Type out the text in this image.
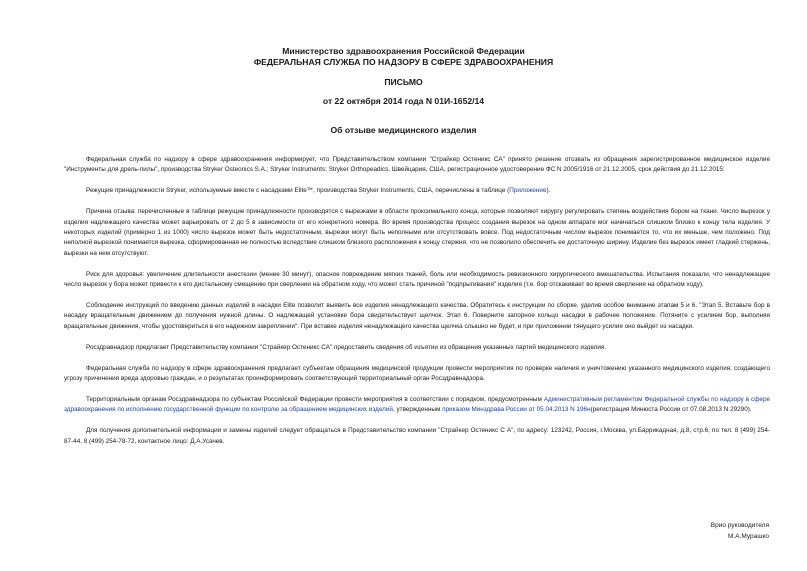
Министерство здравоохранения Российской Федерации
ФЕДЕРАЛЬНАЯ СЛУЖБА ПО НАДЗОРУ В СФЕРЕ ЗДРАВООХРАНЕНИЯ
ПИСЬМО
от 22 октября 2014 года N 01И-1652/14
Об отзыве медицинского изделия

Федеральная служба по надзору в сфере здравоохранения информирует, что Представительством компании "Страйкер Остеникс СА" принято решение отозвать из обращения зарегистрированное медицинское изделие "Инструменты для дрель-пилы", производства Stryker Osteonics S.A.; Stryker Instruments; Stryker Orthopeadics, Швейцария, США, регистрационное удостоверение ФС N 2005/1916 от 21.12.2005, срок действия до 21.12.2015:

Режущие принадлежности Stryker, используемые вместе с насадками Elite™, производства Stryker Instruments, США, перечислены в таблице (Приложение).

Причина отзыва: перечисленные в таблице режущие принадлежности производятся с вырезками в области проксимального конца, которые позволяют хирургу регулировать степень воздействия бором на ткани. Число вырезок у изделия надлежащего качества может варьировать от 2 до 5 в зависимости от его конкретного номера. Во время производства процесс создания вырезок на одном аппарате мог начинаться слишком близко к концу тела изделия. У некоторых изделий (примерно 1 из 1000) число вырезок может быть недостаточным, вырезки могут быть неполными или отсутствовать вовсе. Под недостаточным числом вырезок понимается то, что их меньше, чем положено. Под неполной вырезкой понимается вырезка, сформированная не полностью вследствие слишком близкого расположения к концу стержня, что не позволило обеспечить ее достаточную ширину. Изделие без вырезок имеет гладкий стержень, вырезки на нем отсутствуют.

Риск для здоровья: увеличение длительности анестезии (менее 30 минут), опасное повреждение мягких тканей, боль или необходимость ревизионного хирургического вмешательства. Испытания показали, что ненадлежащее число вырезок у бора может привести к его дистальному смещению при сверлении на обратном ходу, что может стать причиной "подпрыгивания" изделия (т.е. бор отскакивает во время сверления на обратном ходу).

Соблюдение инструкций по введению данных изделий в насадки Elite позволит выявить все изделия ненадлежащего качества. Обратитесь к инструкции по сборке, уделив особое внимание этапам 5 и 6. "Этап 5. Вставьте бор в насадку вращательным движением до получения нужной длины. О надлежащей установке бора свидетельствует щелчок. Этап 6. Поверните запорное кольцо насадки в рабочее положение. Потяните с усилием бор, выполняя вращательные движения, чтобы удостовериться в его надежном закреплении". При вставке изделия ненадлежащего качества щелчка слышно не будет, и при приложении тянущего усилия оно выйдет из насадки.

Росздравнадзор предлагает Представительству компании "Страйкер Остеникс СА" предоставить сведения об изъятии из обращения указанных партий медицинского изделия.

Федеральная служба по надзору в сфере здравоохранения предлагает субъектам обращения медицинской продукции провести мероприятия по проверке наличия и уничтожению указанного медицинского изделия, создающего угрозу причинения вреда здоровью граждан, и о результатах проинформировать соответствующий территориальный орган Росздравнадзора.

Территориальным органам Росздравнадзора по субъектам Российской Федерации провести мероприятия в соответствии с порядком, предусмотренным Административным регламентом Федеральной службы по надзору в сфере здравоохранения по исполнению государственной функции по контролю за обращением медицинских изделий, утвержденным приказом Минздрава России от 05.04.2013 N 196н(регистрация Минюста России от 07.08.2013 N 29290).

Для получения дополнительной информации и замены изделий следует обращаться в Представительство компании "Страйкер Остеникс С А", по адресу: 123242, Россия, г.Москва, ул.Баррикадная, д.8, стр.6, по тел. 8 (499) 254-87-44, 8 (499) 254-78-72, контактное лицо: Д.А.Усачев.

Врио руководителя
М.А.Мурашко
